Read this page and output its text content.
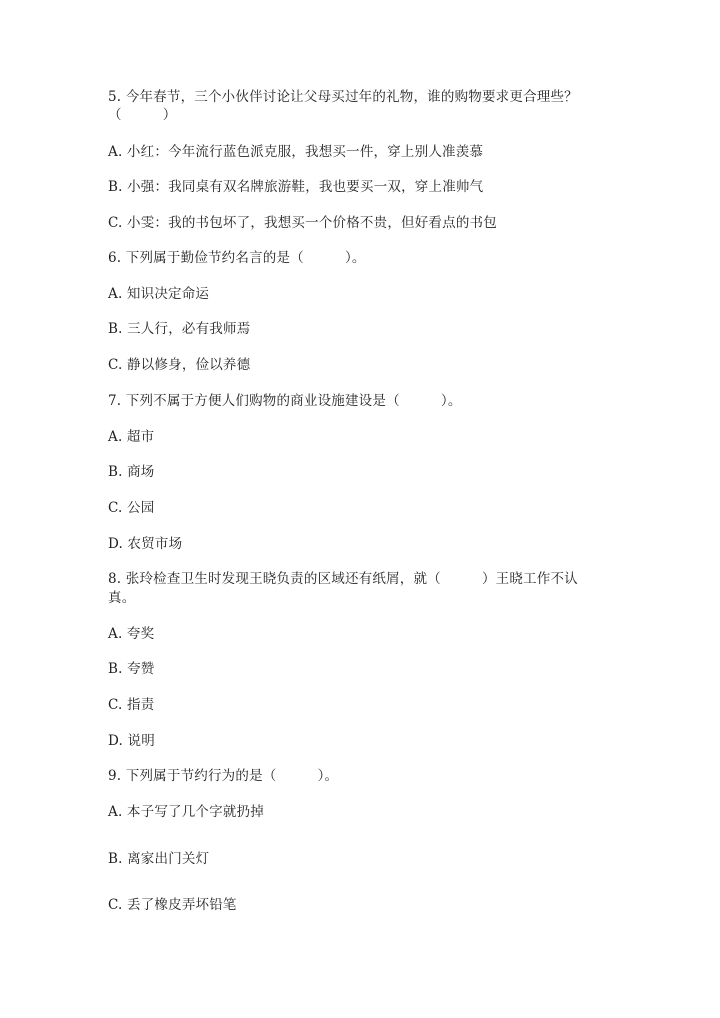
5. 今年春节，三个小伙伴讨论让父母买过年的礼物，谁的购物要求更合理些？
（　　　）
A. 小红：今年流行蓝色派克服，我想买一件，穿上别人准羡慕
B. 小强：我同桌有双名牌旅游鞋，我也要买一双，穿上准帅气
C. 小雯：我的书包坏了，我想买一个价格不贵，但好看点的书包
6. 下列属于勤俭节约名言的是（　　　）。
A. 知识决定命运
B. 三人行，必有我师焉
C. 静以修身，俭以养德
7. 下列不属于方便人们购物的商业设施建设是（　　　）。
A. 超市
B. 商场
C. 公园
D. 农贸市场
8. 张玲检查卫生时发现王晓负责的区域还有纸屑，就（　　　）王晓工作不认
真。
A. 夸奖
B. 夸赞
C. 指责
D. 说明
9. 下列属于节约行为的是（　　　）。
A. 本子写了几个字就扔掉
B. 离家出门关灯
C. 丢了橡皮弄坏铅笔
